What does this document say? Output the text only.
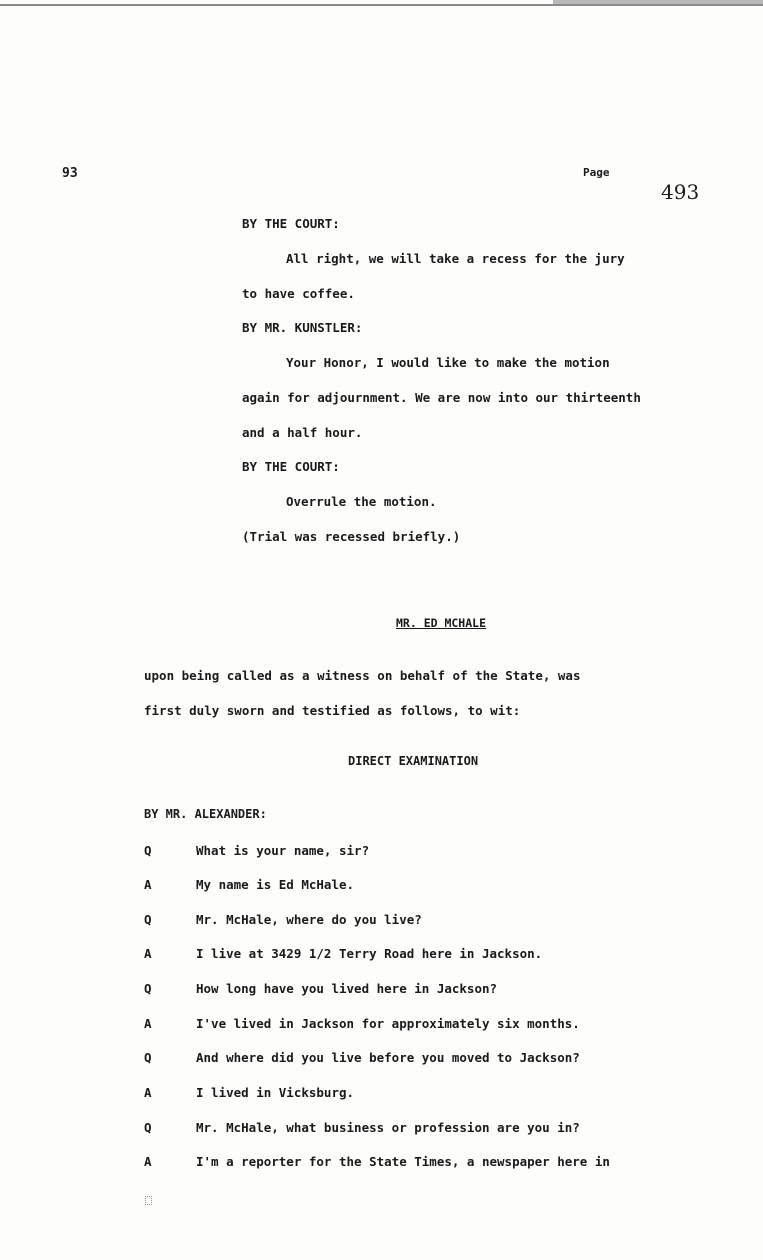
93	Page
493
BY THE COURT:
All right, we will take a recess for the jury
to have coffee.
BY MR. KUNSTLER:
Your Honor, I would like to make the motion
again for adjournment. We are now into our thirteenth
and a half hour.
BY THE COURT:
Overrule the motion.
(Trial was recessed briefly.)
MR. ED MCHALE
upon being called as a witness on behalf of the State, was
first duly sworn and testified as follows, to wit:
DIRECT EXAMINATION
BY MR. ALEXANDER:
Q	What is your name, sir?
A	My name is Ed McHale.
Q	Mr. McHale, where do you live?
A	I live at 3429 1/2 Terry Road here in Jackson.
Q	How long have you lived here in Jackson?
A	I've lived in Jackson for approximately six months.
Q	And where did you live before you moved to Jackson?
A	I lived in Vicksburg.
Q	Mr. McHale, what business or profession are you in?
A	I'm a reporter for the State Times, a newspaper here in
